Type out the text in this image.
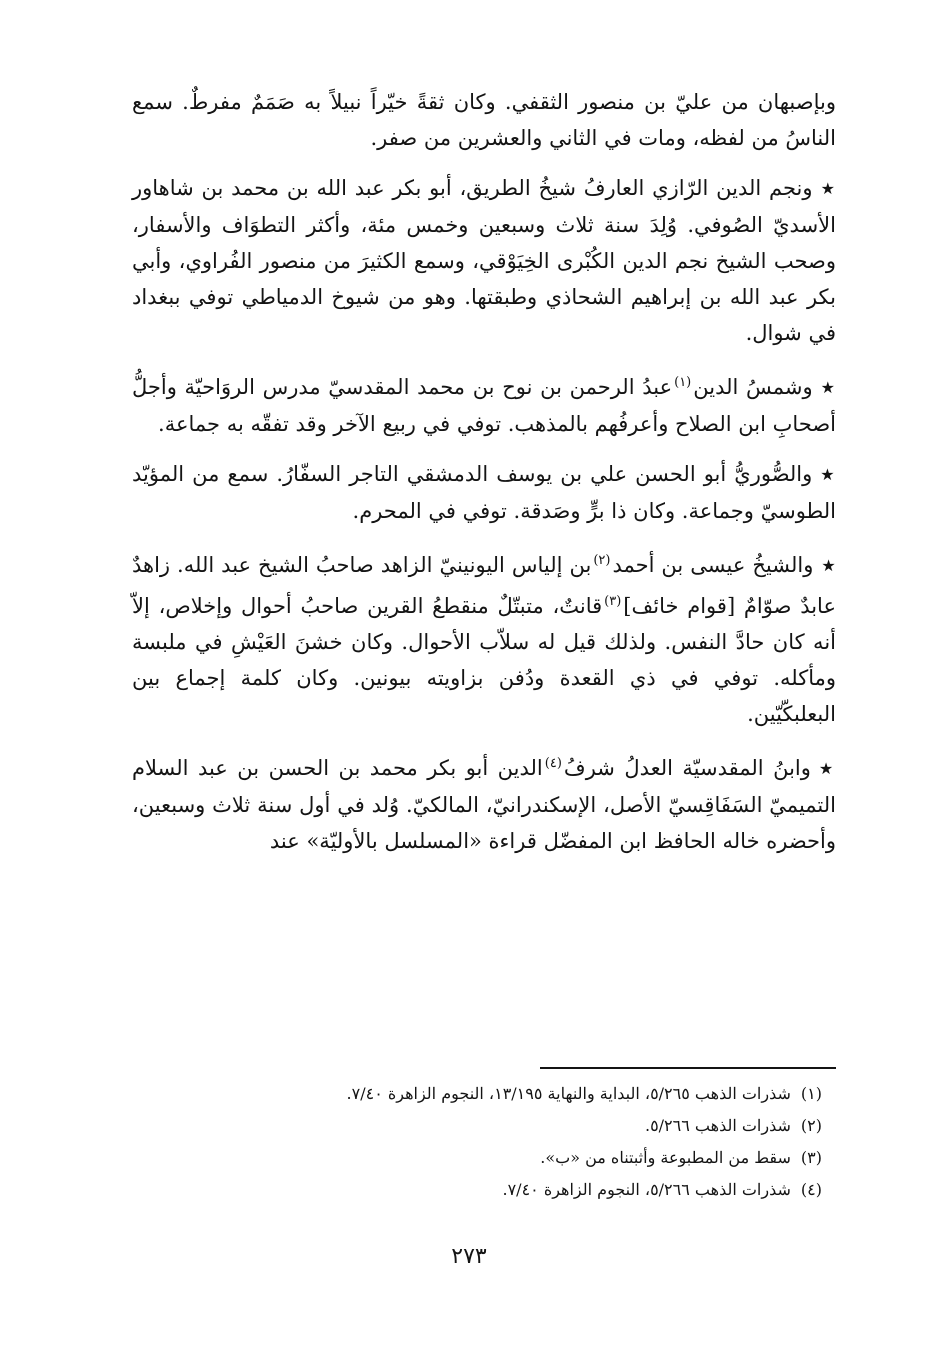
وبإصبهان من عليّ بن منصور الثقفي. وكان ثقةً خيّراً نبيلاً به صَمَمٌ مفرطٌ. سمع الناسُ من لفظه، ومات في الثاني والعشرين من صفر.

★ونجم الدين الرّازي العارفُ شيخُ الطريق، أبو بكر عبد الله بن محمد بن شاهاور الأسديّ الصُوفي. وُلِدَ سنة ثلاث وسبعين وخمس مئة، وأكثر التطوَاف والأسفار، وصحب الشيخ نجم الدين الكُبْرى الخِيَوْقي، وسمع الكثيرَ من منصور الفُراوي، وأبي بكر عبد الله بن إبراهيم الشحاذي وطبقتها. وهو من شيوخ الدمياطي توفي ببغداد في شوال.

★وشمسُ الدين$^{(١)}$عبدُ الرحمن بن نوح بن محمد المقدسيّ مدرس الروَاحيّة وأجلُّ أصحابِ ابن الصلاح وأعرفُهم بالمذهب. توفي في ربيع الآخر وقد تفقّه به جماعة.

★والصُّوريُّ أبو الحسن علي بن يوسف الدمشقي التاجر السفّارُ. سمع من المؤيّد الطوسيّ وجماعة. وكان ذا برٍّ وصَدقة. توفي في المحرم.

★والشيخُ عيسى بن أحمد$^{(٢)}$بن إلياس اليونينيّ الزاهد صاحبُ الشيخ عبد الله. زاهدٌ عابدٌ صوّامٌ [قوام خائف]$^{(٣)}$قانتٌ، متبتّلٌ منقطعُ القرين صاحبُ أحوال وإخلاص، إلاّ أنه كان حادَّ النفس. ولذلك قيل له سلاّب الأحوال. وكان خشنَ العَيْشِ في ملبسة ومأكله. توفي في ذي القعدة ودُفن بزاويته بيونين. وكان كلمة إجماع بين البعلبكّيّين.

★وابنُ المقدسيّة العدلُ شرفُ$^{(٤)}$الدين أبو بكر محمد بن الحسن بن عبد السلام التميميّ السَفَاقِسيّ الأصل، الإسكندرانيّ، المالكيّ. وُلد في أول سنة ثلاث وسبعين، وأحضره خاله الحافظ ابن المفضّل قراءة «المسلسل بالأوليّة» عند

(١)شذرات الذهب ٥/٢٦٥، البداية والنهاية ١٣/١٩٥، النجوم الزاهرة ٧/٤٠.
(٢)شذرات الذهب ٥/٢٦٦.
(٣)سقط من المطبوعة وأثبتناه من «ب».
(٤)شذرات الذهب ٥/٢٦٦، النجوم الزاهرة ٧/٤٠.
٢٧٣
